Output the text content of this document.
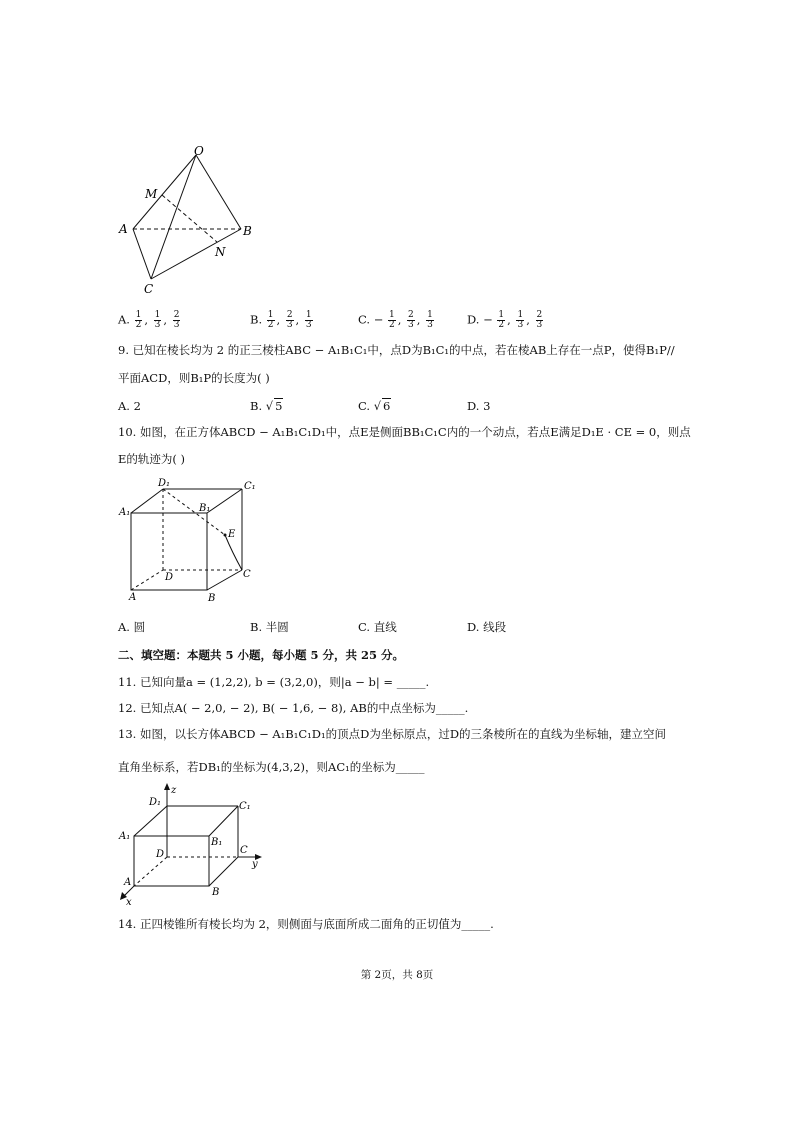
O
M
A	B
N
C
A. $\frac{1}{2}$ , $\frac{1}{3}$ , $\frac{2}{3}$	B. $\frac{1}{2}$ , $\frac{2}{3}$ , $\frac{1}{3}$	C. − $\frac{1}{2}$ , $\frac{2}{3}$ , $\frac{1}{3}$	D. − $\frac{1}{2}$ , $\frac{1}{3}$ , $\frac{2}{3}$
9. 已知在棱长均为 2 的正三棱柱ABC − A₁B₁C₁中，点D为B₁C₁的中点，若在棱AB上存在一点P，使得B₁P//
平面ACD，则B₁P的长度为( )
A. 2	B. √ 5	C. √ 6	D. 3
10. 如图，在正方体ABCD − A₁B₁C₁D₁中，点E是侧面BB₁C₁C内的一个动点，若点E满足D₁E · CE = 0，则点
E的轨迹为( )
D₁	C₁
A₁	B₁
E
D	C
A	B
A. 圆	B. 半圆	C. 直线	D. 线段
二、填空题：本题共 5 小题，每小题 5 分，共 25 分。
11. 已知向量a = (1,2,2), b = (3,2,0)，则|a − b| = _____.
12. 已知点A( − 2,0, − 2), B( − 1,6, − 8), AB的中点坐标为_____.
13. 如图，以长方体ABCD − A₁B₁C₁D₁的顶点D为坐标原点，过D的三条棱所在的直线为坐标轴，建立空间
直角坐标系，若DB₁的坐标为(4,3,2)，则AC₁的坐标为_____
z
D₁	C₁
A₁
B₁
D	C
y
A
B
x
14. 正四棱锥所有棱长均为 2，则侧面与底面所成二面角的正切值为_____.
第 2页，共 8页
